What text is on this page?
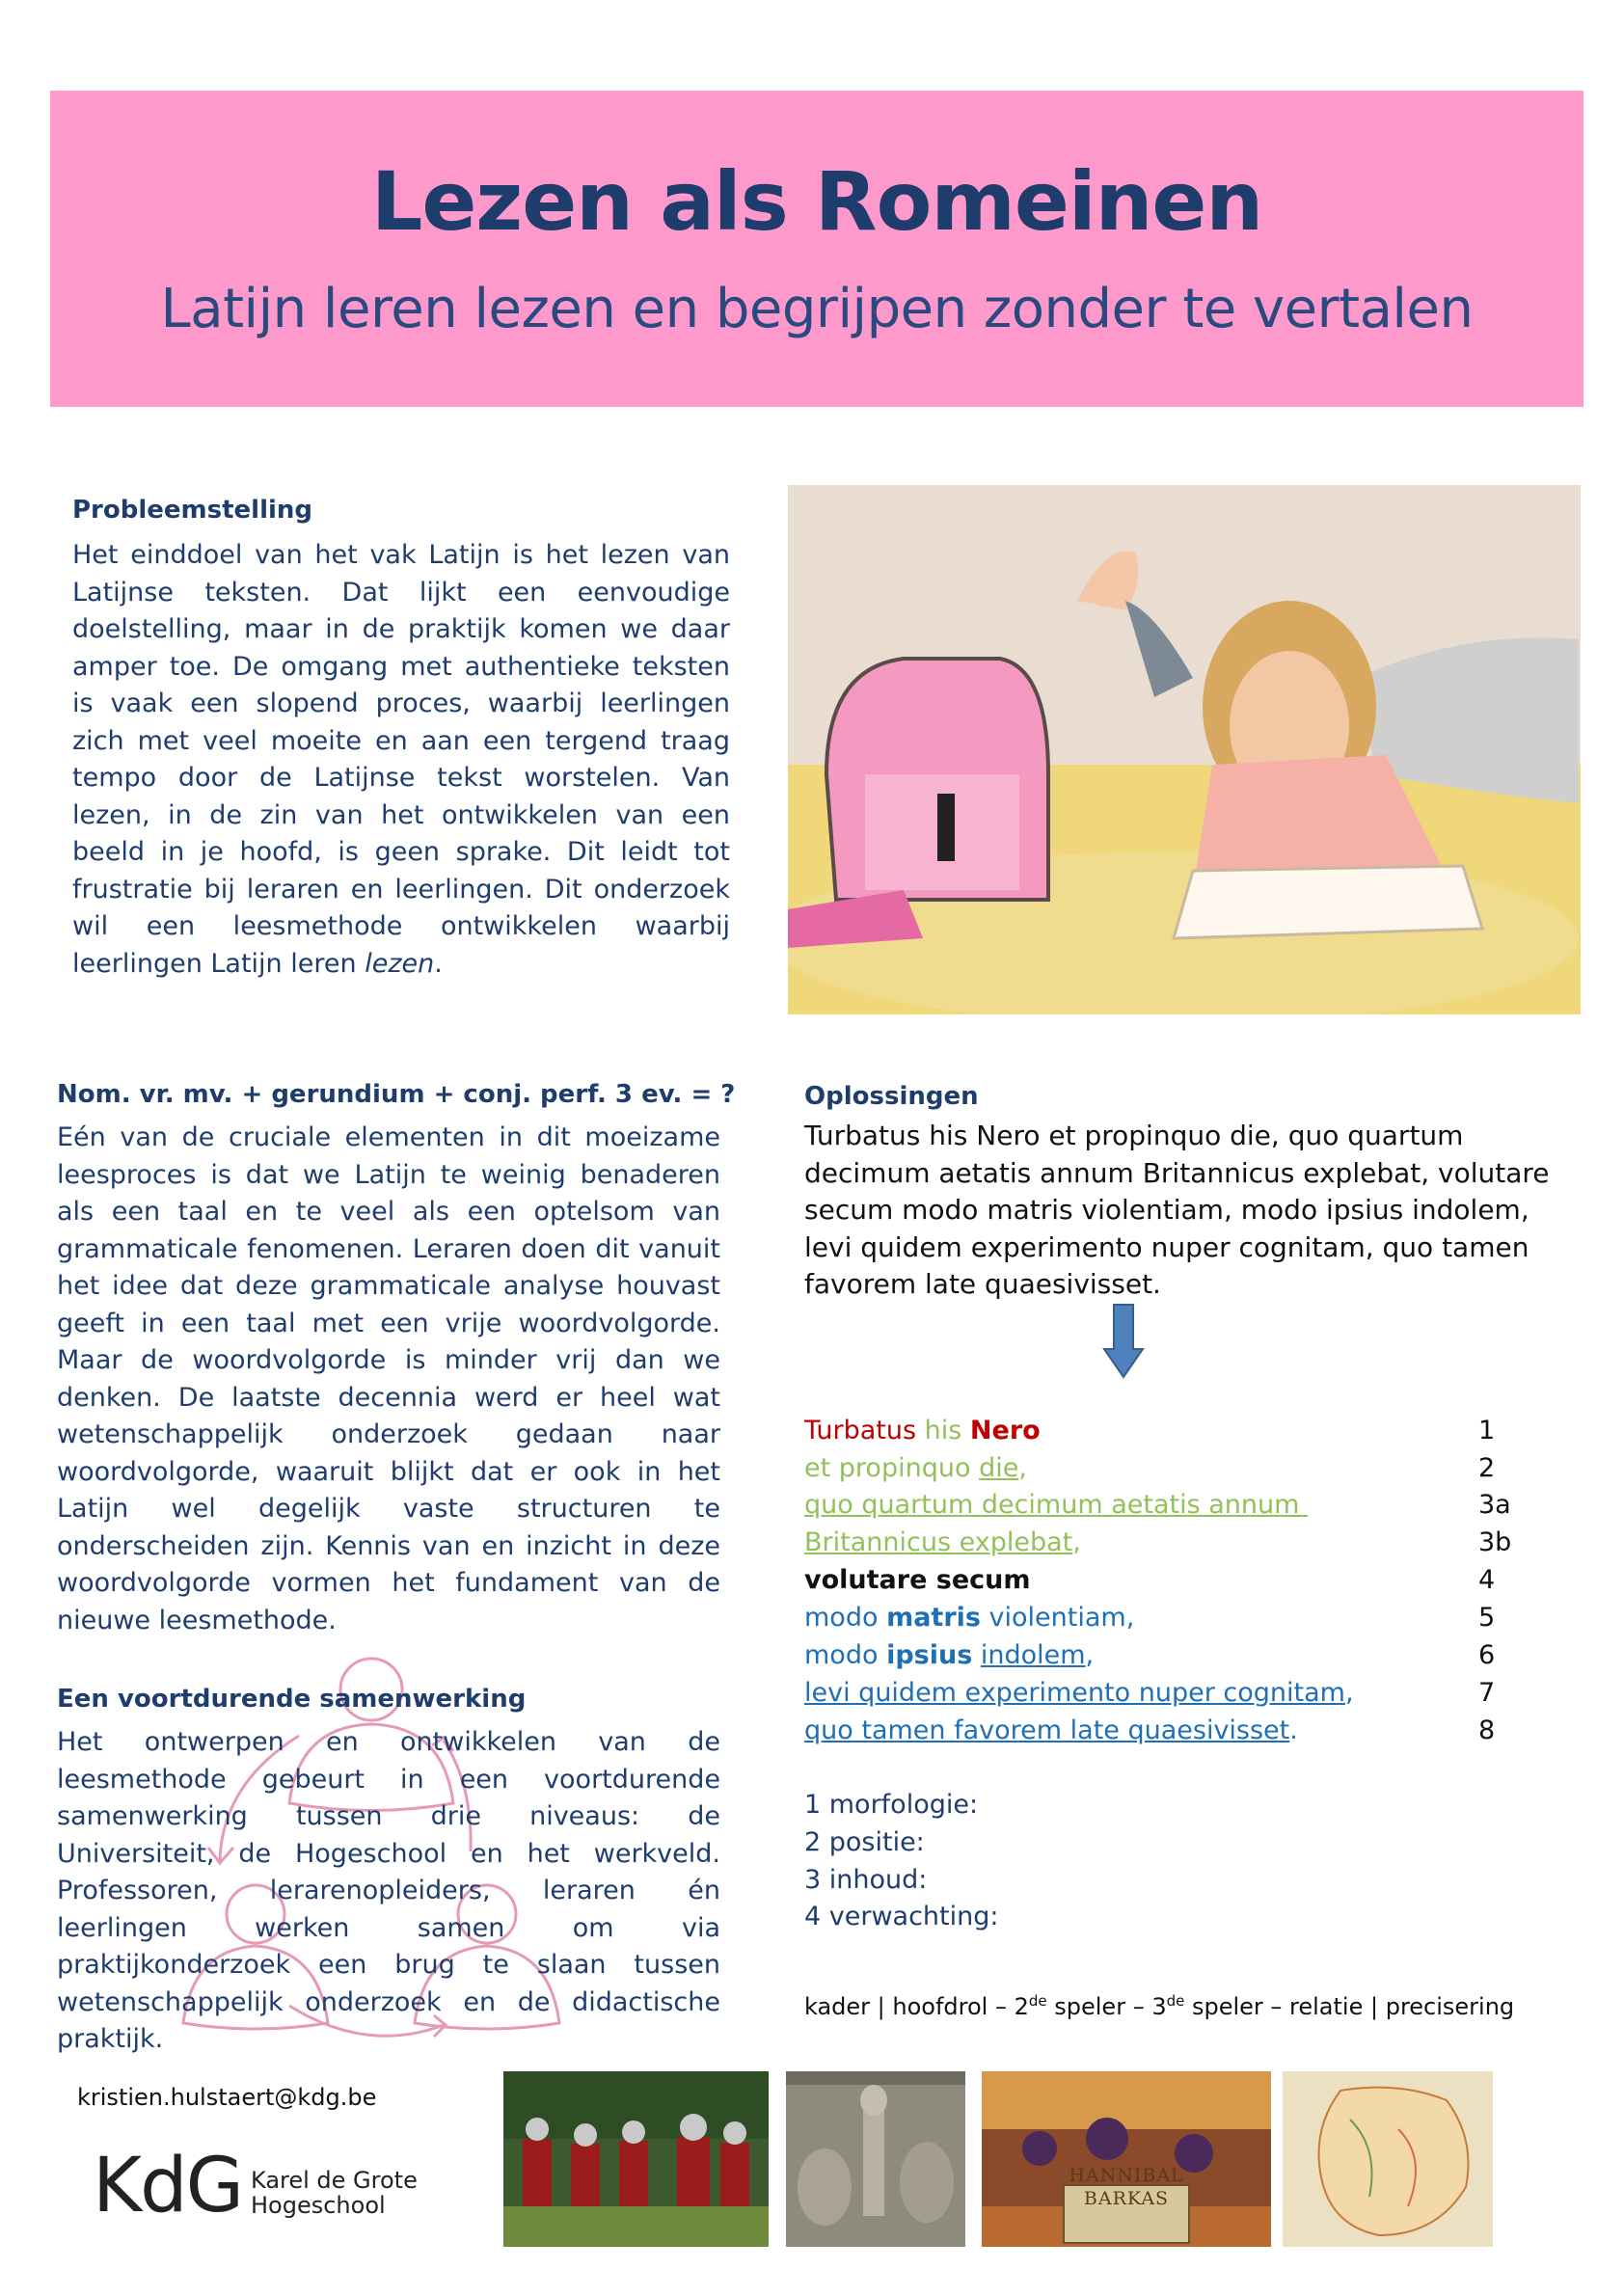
Lezen als Romeinen
Latijn leren lezen en begrijpen zonder te vertalen
Probleemstelling
Het einddoel van het vak Latijn is het lezen van Latijnse teksten. Dat lijkt een eenvoudige doelstelling, maar in de praktijk komen we daar amper toe. De omgang met authentieke teksten is vaak een slopend proces, waarbij leerlingen zich met veel moeite en aan een tergend traag tempo door de Latijnse tekst worstelen. Van lezen, in de zin van het ontwikkelen van een beeld in je hoofd, is geen sprake. Dit leidt tot frustratie bij leraren en leerlingen. Dit onderzoek wil een leesmethode ontwikkelen waarbij leerlingen Latijn leren lezen.
Nom. vr. mv. + gerundium + conj. perf. 3 ev. = ?
Eén van de cruciale elementen in dit moeizame leesproces is dat we Latijn te weinig benaderen als een taal en te veel als een optelsom van grammaticale fenomenen. Leraren doen dit vanuit het idee dat deze grammaticale analyse houvast geeft in een taal met een vrije woordvolgorde. Maar de woordvolgorde is minder vrij dan we denken. De laatste decennia werd er heel wat wetenschappelijk onderzoek gedaan naar woordvolgorde, waaruit blijkt dat er ook in het Latijn wel degelijk vaste structuren te onderscheiden zijn. Kennis van en inzicht in deze woordvolgorde vormen het fundament van de nieuwe leesmethode.
Een voortdurende samenwerking
Het ontwerpen en ontwikkelen van de leesmethode gebeurt in een voortdurende samenwerking tussen drie niveaus: de Universiteit, de Hogeschool en het werkveld. Professoren, lerarenopleiders, leraren én leerlingen werken samen om via praktijkonderzoek een brug te slaan tussen wetenschappelijk onderzoek en de didactische praktijk.
Oplossingen
Turbatus his Nero et propinquo die, quo quartum decimum aetatis annum Britannicus explebat, volutare secum modo matris violentiam, modo ipsius indolem, levi quidem experimento nuper cognitam, quo tamen favorem late quaesivisset.
Turbatus his Nero	1
et propinquo die,	2
quo quartum decimum aetatis annum	3a
Britannicus explebat,	3b
volutare secum	4
modo matris violentiam,	5
modo ipsius indolem,	6
levi quidem experimento nuper cognitam,	7
quo tamen favorem late quaesivisset.	8
1 morfologie:
2 positie:
3 inhoud:
4 verwachting:
kader | hoofdrol – 2de speler – 3de speler – relatie | precisering
kristien.hulstaert@kdg.be
KdG Karel de Grote
Hogeschool
HANNIBAL
BARKAS
